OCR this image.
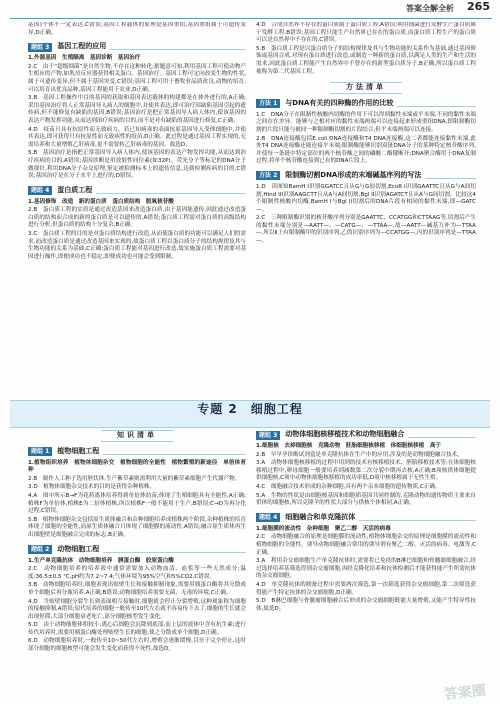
答案全解全析 265

基因)个体不一定表达,C错误;基因工程载体的原理是基因重组,基因重组属于可遗传变异,D正确。

题组 3	基因工程的应用

1.外源基因　生殖隔离　基因诊断　基因治疗

2.C　由于“超级细菌”是自然生物,不存在这种转化;据题意可知,利用基因工程可使动物产生相应的产物,如乳房反应器获得相关蛋白、基因治疗。基因工程可定向改变生物的性状,属于可遗传变异,但不属于基因突变,C错误;基因工程可用于畜牧业品质改良,动物的培育,可以培育出优良品种,基因工程能用于农业,D正确。

3.B　基因工程操作中目的基因的获取和基因表达载体的构建都是在体外进行的,A正确;采用基因治疗将人正常基因导入病人的细胞中,并使其表达,即可治疗因缺陷基因引起的遗传病,但不能修复有缺陷的基因,B错误;基因治疗是把正常基因导入病人体内,使该基因的表达产物发挥功能,从而达到治疗疾病的目的,而不是对有缺陷的基因进行修复,C正确。

4.D　疫苗只具有抗原性而无致病力。若已知病毒的表面抗原基因导入受体细胞中,并使其表达,即可获得只有抗原性而无致病性的疫苗,D正确。此过程是通过基因工程实现的,无需培养和大量增殖乙肝病毒,更不需要转乙肝病毒的基因。故选D。

5.B　基因治疗是指把正常基因导入病人体内,使该基因的表达产物发挥功能,从而达到治疗疾病的目的,A错误;基因诊断是用放射性同位素(如32P)、荧光分子等标记的DNA分子做探针,利用DNA分子杂交原理,鉴定被检测标本上的遗传信息,达到检测疾病的目的,C错误;基因治疗是在分子水平上进行的,D错误。

题组 4	蛋白质工程

1.基因修饰　改造　新的蛋白质　蛋白质结构　脱氧核苷酸

2.B　蛋白质工程的实质是通过改造基因来改造蛋白质,由于基因能遗传,因此通过改造蛋白质的结构而合成的新的蛋白质是可以遗传的,A错误;蛋白质工程需对蛋白质的高级结构进行分析,但蛋白质的结构十分复杂,B正确。

3.C　蛋白质工程的目的是对蛋白质结构进行改造,从而使蛋白质的功能可以满足人们的需求,而改造蛋白质是通过改造基因来实现的,故蛋白质工程以蛋白质分子的结构规律及其与生物功能的关系为基础,C正确;蛋白质工程能对基因进行改造,故实施蛋白质工程需要对基因进行操作,即便成功也不稳定,即便成功也可能会受到限制。

4.D　合成自然界不存在的蛋白质属于蛋白质工程,A错误;利用细菌进行发酵生产蛋白质属于发酵工程,B错误;基因工程只能生产自然界已存在的蛋白质,而蛋白质工程生产的蛋白质可以是自然界中不存在的,C错误。

5.B　蛋白质工程是以蛋白质分子的结构规律及其与生物功能的关系作为基础,通过基因修饰或基因合成,对现有蛋白质进行改造,或制造一种新的蛋白质,以满足人类的生产和生活的需求,因此蛋白质工程能产生自然界中不曾存在的新型蛋白质分子,B正确,所以蛋白质工程被称为第二代基因工程。

方法清单
方法 1	与DNA有关的四种酶的作用的比较

1.C　DNA分子在限制性核酸内切酶的作用下可以得到黏性末端或平末端,不同的黏性末端之间存在差异。能够与之相对应的黏性末端两端可以连接起来形成重组DNA,即限制酶切割的片段只能与被同一种限制酶切割的片段结合,但平末端两端可以连接。

2.B　DNA连接酶包括E.coli DNA连接酶和T4 DNA连接酶,这二者都能连接黏性末端,此外T4 DNA连接酶还能连接平末端;限制酶能够识别双链DNA分子的某种特定核苷酸序列,并使每一条链中特定部位的两个核苷酸之间的磷酸二酯键断开;DNA聚合酶用于DNA复制过程,将单个核苷酸连接到已有的DNA片段上。

方法 2	限制酶切割DNA形成的末端碱基序列的写法

1.D　读图知BamH I识别GGATCC且从G与G间切割,EcoR I识别GAATTC且从G与A间切割,Hind III识别AAGCTT且从A与A间切割,Bgl II识别AGATCT且从A与G间切割。比较这4个限制性核酸内切酶,BamH I与Bgl II切割后的DNA片段有相同的黏性末端,即—GATC—。

2.C　三种限制酶识别的核苷酸序列分别是GAATTC、CCATGG和CTTAAG等,切割后产生的黏性末端分别是—AATT—、—CATG—、—TTAA—,故—AATT—碱基互补为—TTAA—,所以Ⅱ上有限制酶甲的识别序列,乙的识别序列为—CCATGG—,丙的识别序列是—TTAA—。

专题 2　细胞工程
知识清单
题组 1	植物细胞工程

1.植物组织培养　植物体细胞杂交　植物细胞的全能性　植物繁殖的新途径　单倍体育种

2.B　制作人工种子选用胚状体,生产紫草素则需利用大量的紫草素细胞产生代谢产物。

3.D　植物体细胞杂交技术的目的是获得杂种植株。

4.A　图中所示B→F为花药离体培养得到单倍体幼苗,体现了生殖细胞具有全能性,A正确;植株F为单倍体,植株E为二倍体植株,所以植株F一般不能用于生产,B错误;C→D为再分化过程,C错误。

5.B　植物体细胞杂交包括原生质体融合和杂种细胞培养成植株两个阶段,杂种植株的培育体现了细胞的全能性,而原生质体融合只体现了细胞膜的流动性,A错误;融合原生质体再生出细胞壁是细胞融合完成的标志,B正确。

题组 2	动物细胞工程

1.生产单克隆抗体　动物细胞培养　胰蛋白酶　胶原蛋白酶

2.C　动物细胞培养的培养液中通常需要加入动物血清、血浆等一些天然成分;温度:36.5±0.5 ℃,pH约为7.2~7.4;气体环境为95%空气和5%CO2,C错误。

3.B　动物细胞培养时,细胞表现出贴壁生长和接触抑制现象,需要用胰蛋白酶将其分散成单个细胞后再分瓶培养,A正确,B错误;动物细胞培养需要无菌、无毒的环境,C正确。

4.D　当贴壁细胞分裂生长到表面相互接触时,细胞就会停止分裂增殖,这种现象称为细胞的接触抑制,A错误;原代培养的细胞一般传至10代左右就不容易传下去了,细胞的生长就会出现停滞,大部分细胞衰老死亡,部分细胞核型发生变化。

5.D　由于动物细胞体积较小,离心后细胞会沉降到底部,而上层的液体中含有抗生素;进行传代培养时,需要用胰蛋白酶处理贴壁生长的细胞,使之分散成单个细胞,D正确。

6.D　动物细胞培养时,一般传至10~50代左右时,增殖会逐渐缓慢,以至于完全停止,这时部分细胞的细胞核型可能会发生变化而获得不死性,故选D。

题组 3	动物体细胞核移植技术和动物细胞融合

1.细胞核　去掉细胞核　克隆动物　胚胎细胞核移植　体细胞核移植　高于

2.B　早早孕诊断试剂盒是单克隆抗体在生产中的应用,涉及的是动物细胞融合技术。

3.A　动物体细胞核移植的过程中用到的技术有核移植技术、胚胎移植技术等;在体细胞核移植过程中,卵母细胞一般要培养到减数第二次分裂中期再去核,A正确;B项核供体细胞提供细胞核,C项中动物体细胞核移植的成功率低,D项中核移植属于无性生殖。

4.C　细胞融合技术形成的杂种细胞,具有两个亲本细胞的遗传物质,C正确。

5.A　生物的性状是由细胞核基因和细胞质基因共同控制的,克隆动物的遗传物质主要来自供体的细胞核,所以克隆羊的性状大部分与供核个体相同,A正确。

题组 4	细胞融合和单克隆抗体

1.细胞膜的流动性　杂种细胞　聚乙二醇　灭活的病毒

2.C　动物细胞融合的原理是细胞膜的流动性,植物体细胞杂交的原理是细胞膜的流动性和植物细胞的全能性。诱导动物细胞融合常用的诱导剂有聚乙二醇、灭活的病毒、电激等,C正确。

3.A　利用杂交瘤细胞生产单克隆抗体时,需要将已免疫的B淋巴细胞和骨髓瘤细胞融合,经过选择培养基筛选得到杂交瘤细胞,再经克隆化培养和抗体检测后才能获得能产生所需抗体的杂交瘤细胞。

4.D　单克隆抗体的制备过程中需要两次筛选,第一次筛选获得杂交瘤细胞,第二次筛选获得能产生特定抗体的杂交瘤细胞,D正确。

5.D　B淋巴细胞与骨髓瘤细胞融合后形成的杂交瘤细胞既能大量增殖,又能产生特异性抗体,故选D。

答案圈
